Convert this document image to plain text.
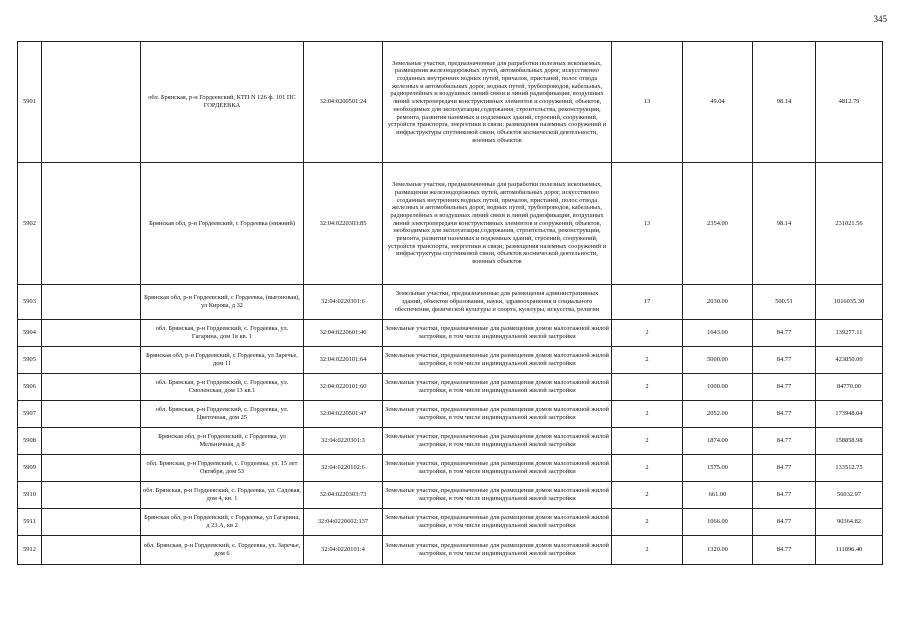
345
5901		обл. Брянская, р-н Гордеевский, КТП N 126 ф. 101 ПС ГОРДЕЕВКА	32:04:0200501:24	Земельные участки, предназначенные для разработки полезных ископаемых, размещения железнодорожных путей, автомобильных дорог, искусственно созданных внутренних водных путей, причалов, пристаней, полос отвода железных и автомобильных дорог, водных путей, трубопроводов, кабельных, радиорелейных и воздушных линий связи и линий радиофикации, воздушных линий электропередачи конструктивных элементов и сооружений, объектов, необходимых для эксплуатации,содержания, строительства, реконструкции, ремонта, развития наземных и подземных зданий, строений, сооружений, устройств транспорта, энергетики и связи; размещения наземных сооружений и инфраструктуры спутниковой связи, объектов космической деятельности, военных объектов	13	49.04	98.14	4812.79
5902		Брянская обл, р-н Гордеевский, с Гордеевка (нижний)	32:04:0220303:85	Земельные участки, предназначенные для разработки полезных ископаемых, размещения железнодорожных путей, автомобильных дорог, искусственно созданных внутренних водных путей, причалов, пристаней, полос отвода железных и автомобильных дорог, водных путей, трубопроводов, кабельных, радиорелейных и воздушных линий связи и линий радиофикации, воздушных линий электропередачи конструктивных элементов и сооружений, объектов, необходимых для эксплуатации,содержания, строительства, реконструкции, ремонта, развития наземных и подземных зданий, строений, сооружений, устройств транспорта, энергетики и связи; размещения наземных сооружений и инфраструктуры спутниковой связи, объектов космической деятельности, военных объектов	13	2354.00	98.14	231021.56
5903		Брянская обл, р-н Гордеевский, с Гордеевка, (выгоновая), ул Кирова, д 32	32:04:0220301:6	Земельные участки, предназначенные для размещения административных зданий, объектов образования, науки, здравоохранения и социального обеспечения, физической культуры и спорта, культуры, искусства, религии	17	2030.00	500.51	1016035.30
5904		обл. Брянская, р-н Гордеевский, с. Гордеевка, ул. Гагарина, дом 1в кв. 1	32:04:0220601:46	Земельные участки, предназначенные для размещения домов малоэтажной жилой застройки, в том числе индивидуальной жилой застройки	2	1643.00	84.77	139277.11
5905		Брянская обл, р-н Гордеевский, с Гордеевка, ул Заречье, дом 11	32:04:0220101:64	Земельные участки, предназначенные для размещения домов малоэтажной жилой застройки, в том числе индивидуальной жилой застройки	2	5000.00	84.77	423850.00
5906		обл. Брянская, р-н Гордеевский, с. Гордеевка, ул. Смоленская, дом 13 кв.1	32:04:0220101:60	Земельные участки, предназначенные для размещения домов малоэтажной жилой застройки, в том числе индивидуальной жилой застройки	2	1000.00	84.77	84770.00
5907		обл. Брянская, р-н Гордеевский, с. Гордеевка, ул. Цветочная, дом 25	32:04:0220501:47	Земельные участки, предназначенные для размещения домов малоэтажной жилой застройки, в том числе индивидуальной жилой застройки	2	2052.00	84.77	173948.04
5908		Брянская обл, р-н Гордеевский, с Гордеевка, ул Мельничная, д 8	32:04:0220301:3	Земельные участки, предназначенные для размещения домов малоэтажной жилой застройки, в том числе индивидуальной жилой застройки	2	1874.00	84.77	158858.98
5909		обл. Брянская, р-н Гордеевский, с. Гордеевка, ул. 15 лет Октября, дом 53	32:04:0220102:6	Земельные участки, предназначенные для размещения домов малоэтажной жилой застройки, в том числе индивидуальной жилой застройки	2	1575.00	84.77	133512.75
5910		обл. Брянская, р-н Гордеевский, с. Гордеевка, ул. Садовая, дом 4, кв. 1	32:04:0220303:73	Земельные участки, предназначенные для размещения домов малоэтажной жилой застройки, в том числе индивидуальной жилой застройки	2	661.00	84.77	56032.97
5911		Брянская обл, р-н Гордеевский, с Гордеевка, ул Гагарина, д 23 А, кв 2	32:04:0220602:137	Земельные участки, предназначенные для размещения домов малоэтажной жилой застройки, в том числе индивидуальной жилой застройки	2	1066.00	84.77	90364.82
5912		обл. Брянская, р-н Гордеевский, с. Гордеевка, ул. Заречье, дом 6	32:04:0220101:4	Земельные участки, предназначенные для размещения домов малоэтажной жилой застройки, в том числе индивидуальной жилой застройки	2	1320.00	84.77	111896.40
